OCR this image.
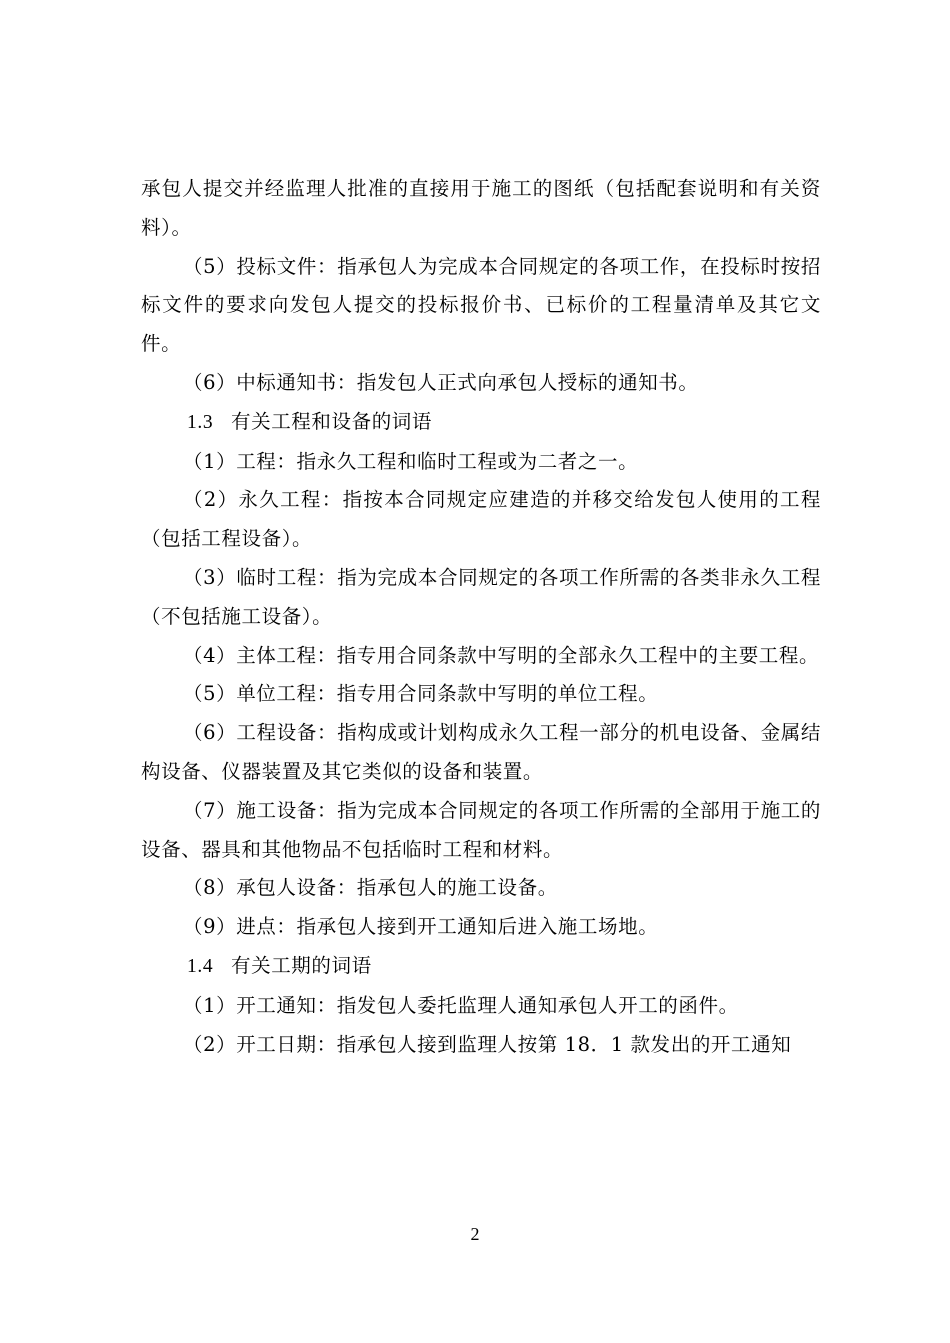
承包人提交并经监理人批准的直接用于施工的图纸（包括配套说明和有关资料）。

（5）投标文件：指承包人为完成本合同规定的各项工作，在投标时按招标文件的要求向发包人提交的投标报价书、已标价的工程量清单及其它文件。

（6）中标通知书：指发包人正式向承包人授标的通知书。

1.3 有关工程和设备的词语

（1）工程：指永久工程和临时工程或为二者之一。

（2）永久工程：指按本合同规定应建造的并移交给发包人使用的工程（包括工程设备）。

（3）临时工程：指为完成本合同规定的各项工作所需的各类非永久工程（不包括施工设备）。

（4）主体工程：指专用合同条款中写明的全部永久工程中的主要工程。

（5）单位工程：指专用合同条款中写明的单位工程。

（6）工程设备：指构成或计划构成永久工程一部分的机电设备、金属结构设备、仪器装置及其它类似的设备和装置。

（7）施工设备：指为完成本合同规定的各项工作所需的全部用于施工的设备、器具和其他物品不包括临时工程和材料。

（8）承包人设备：指承包人的施工设备。

（9）进点：指承包人接到开工通知后进入施工场地。

1.4 有关工期的词语

（1）开工通知：指发包人委托监理人通知承包人开工的函件。

（2）开工日期：指承包人接到监理人按第 18．1 款发出的开工通知

2
